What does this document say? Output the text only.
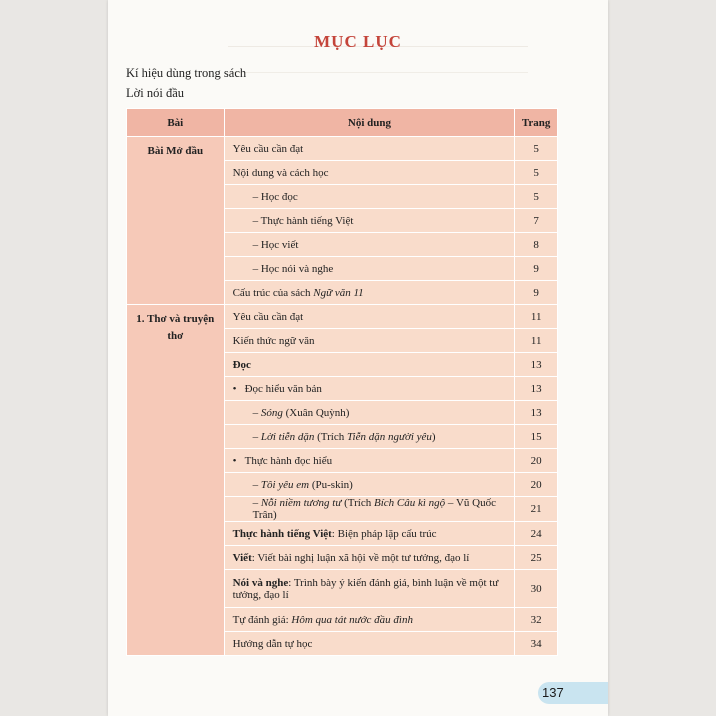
MỤC LỤC
Kí hiệu dùng trong sách
Lời nói đầu
Bài	Nội dung	Trang
Bài Mở đầu	Yêu cầu cần đạt	5
	Nội dung và cách học	5
	– Học đọc	5
	– Thực hành tiếng Việt	7
	– Học viết	8
	– Học nói và nghe	9
	Cấu trúc của sách Ngữ văn 11	9
1. Thơ và truyện thơ	Yêu cầu cần đạt	11
	Kiến thức ngữ văn	11
	Đọc	13
	• Đọc hiểu văn bản	13
	– Sóng (Xuân Quỳnh)	13
	– Lời tiễn dặn (Trích Tiễn dặn người yêu)	15
	• Thực hành đọc hiểu	20
	– Tôi yêu em (Pu-skin)	20
	– Nỗi niềm tương tư (Trích Bích Câu kì ngộ – Vũ Quốc Trân)	21
	Thực hành tiếng Việt: Biện pháp lặp cấu trúc	24
	Viết: Viết bài nghị luận xã hội về một tư tưởng, đạo lí	25
	Nói và nghe: Trình bày ý kiến đánh giá, bình luận về một tư tưởng, đạo lí	30
	Tự đánh giá: Hôm qua tát nước đầu đình	32
	Hướng dẫn tự học	34
137
